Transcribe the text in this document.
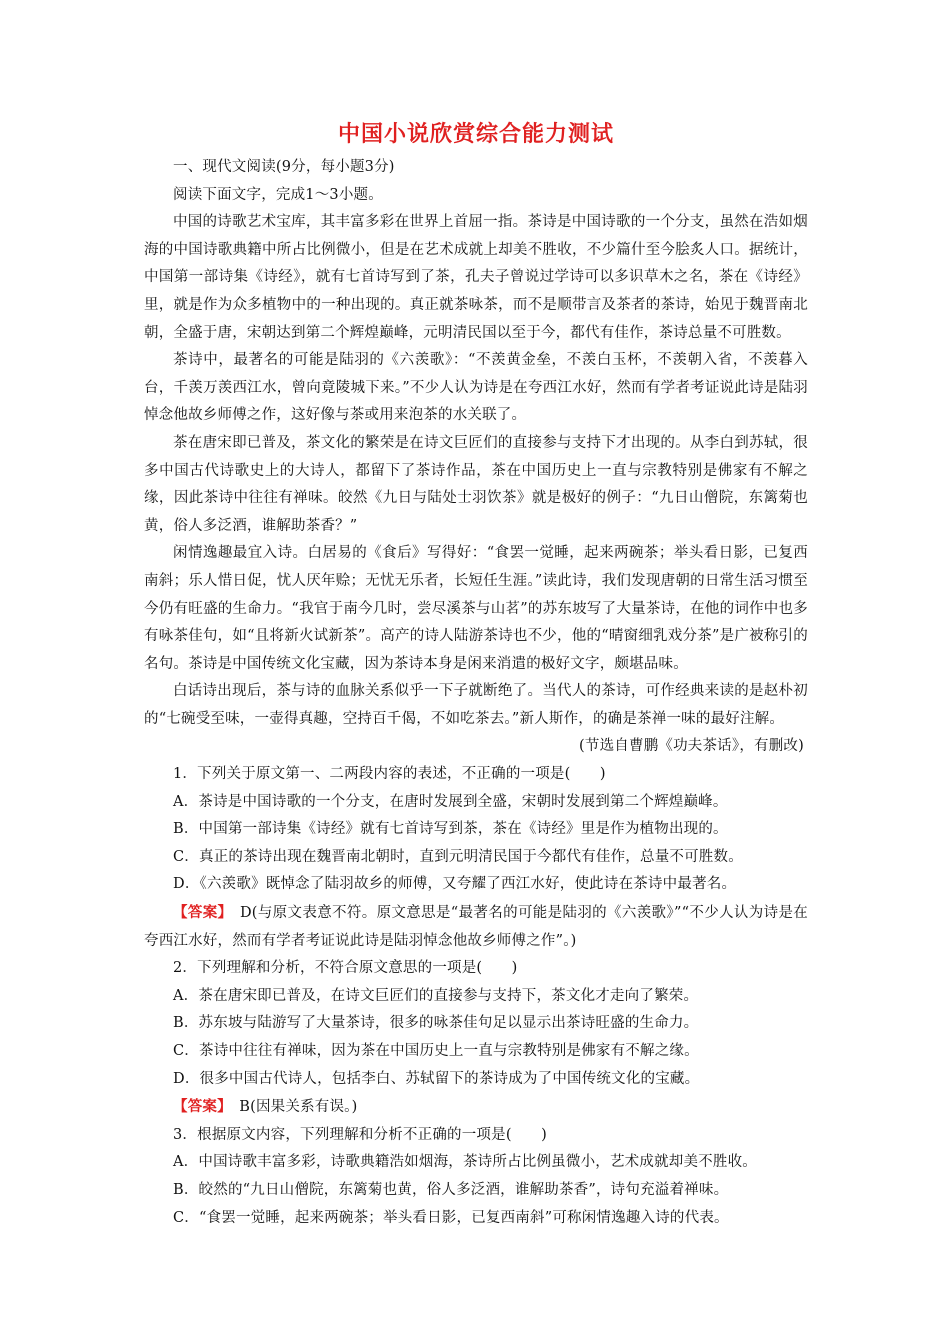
中国小说欣赏综合能力测试

一、现代文阅读(9分，每小题3分)

阅读下面文字，完成1～3小题。

中国的诗歌艺术宝库，其丰富多彩在世界上首屈一指。茶诗是中国诗歌的一个分支，虽然在浩如烟海的中国诗歌典籍中所占比例微小，但是在艺术成就上却美不胜收，不少篇什至今脍炙人口。据统计，中国第一部诗集《诗经》，就有七首诗写到了茶，孔夫子曾说过学诗可以多识草木之名，茶在《诗经》里，就是作为众多植物中的一种出现的。真正就茶咏茶，而不是顺带言及茶者的茶诗，始见于魏晋南北朝，全盛于唐，宋朝达到第二个辉煌巅峰，元明清民国以至于今，都代有佳作，茶诗总量不可胜数。

茶诗中，最著名的可能是陆羽的《六羡歌》：“不羡黄金垒，不羡白玉杯，不羡朝入省，不羡暮入台，千羡万羡西江水，曾向竟陵城下来。”不少人认为诗是在夸西江水好，然而有学者考证说此诗是陆羽悼念他故乡师傅之作，这好像与茶或用来泡茶的水关联了。

茶在唐宋即已普及，茶文化的繁荣是在诗文巨匠们的直接参与支持下才出现的。从李白到苏轼，很多中国古代诗歌史上的大诗人，都留下了茶诗作品，茶在中国历史上一直与宗教特别是佛家有不解之缘，因此茶诗中往往有禅味。皎然《九日与陆处士羽饮茶》就是极好的例子：“九日山僧院，东篱菊也黄，俗人多泛酒，谁解助茶香？”

闲情逸趣最宜入诗。白居易的《食后》写得好：“食罢一觉睡，起来两碗茶；举头看日影，已复西南斜；乐人惜日促，忧人厌年赊；无忧无乐者，长短任生涯。”读此诗，我们发现唐朝的日常生活习惯至今仍有旺盛的生命力。“我官于南今几时，尝尽溪茶与山茗”的苏东坡写了大量茶诗，在他的词作中也多有咏茶佳句，如“且将新火试新茶”。高产的诗人陆游茶诗也不少，他的“晴窗细乳戏分茶”是广被称引的名句。茶诗是中国传统文化宝藏，因为茶诗本身是闲来消遣的极好文字，颇堪品味。

白话诗出现后，茶与诗的血脉关系似乎一下子就断绝了。当代人的茶诗，可作经典来读的是赵朴初的“七碗受至味，一壶得真趣，空持百千偈，不如吃茶去。”新人斯作，的确是茶禅一味的最好注解。

(节选自曹鹏《功夫茶话》，有删改)

1．下列关于原文第一、二两段内容的表述，不正确的一项是(　　)

A．茶诗是中国诗歌的一个分支，在唐时发展到全盛，宋朝时发展到第二个辉煌巅峰。

B．中国第一部诗集《诗经》就有七首诗写到茶，茶在《诗经》里是作为植物出现的。

C．真正的茶诗出现在魏晋南北朝时，直到元明清民国于今都代有佳作，总量不可胜数。

D．《六羡歌》既悼念了陆羽故乡的师傅，又夸耀了西江水好，使此诗在茶诗中最著名。

【答案】　D(与原文表意不符。原文意思是“最著名的可能是陆羽的《六羡歌》”“不少人认为诗是在夸西江水好，然而有学者考证说此诗是陆羽悼念他故乡师傅之作”。)

2．下列理解和分析，不符合原文意思的一项是(　　)

A．茶在唐宋即已普及，在诗文巨匠们的直接参与支持下，茶文化才走向了繁荣。

B．苏东坡与陆游写了大量茶诗，很多的咏茶佳句足以显示出茶诗旺盛的生命力。

C．茶诗中往往有禅味，因为茶在中国历史上一直与宗教特别是佛家有不解之缘。

D．很多中国古代诗人，包括李白、苏轼留下的茶诗成为了中国传统文化的宝藏。

【答案】　B(因果关系有误。)

3．根据原文内容，下列理解和分析不正确的一项是(　　)

A．中国诗歌丰富多彩，诗歌典籍浩如烟海，茶诗所占比例虽微小，艺术成就却美不胜收。

B．皎然的“九日山僧院，东篱菊也黄，俗人多泛酒，谁解助茶香”，诗句充溢着禅味。

C．“食罢一觉睡，起来两碗茶；举头看日影，已复西南斜”可称闲情逸趣入诗的代表。
